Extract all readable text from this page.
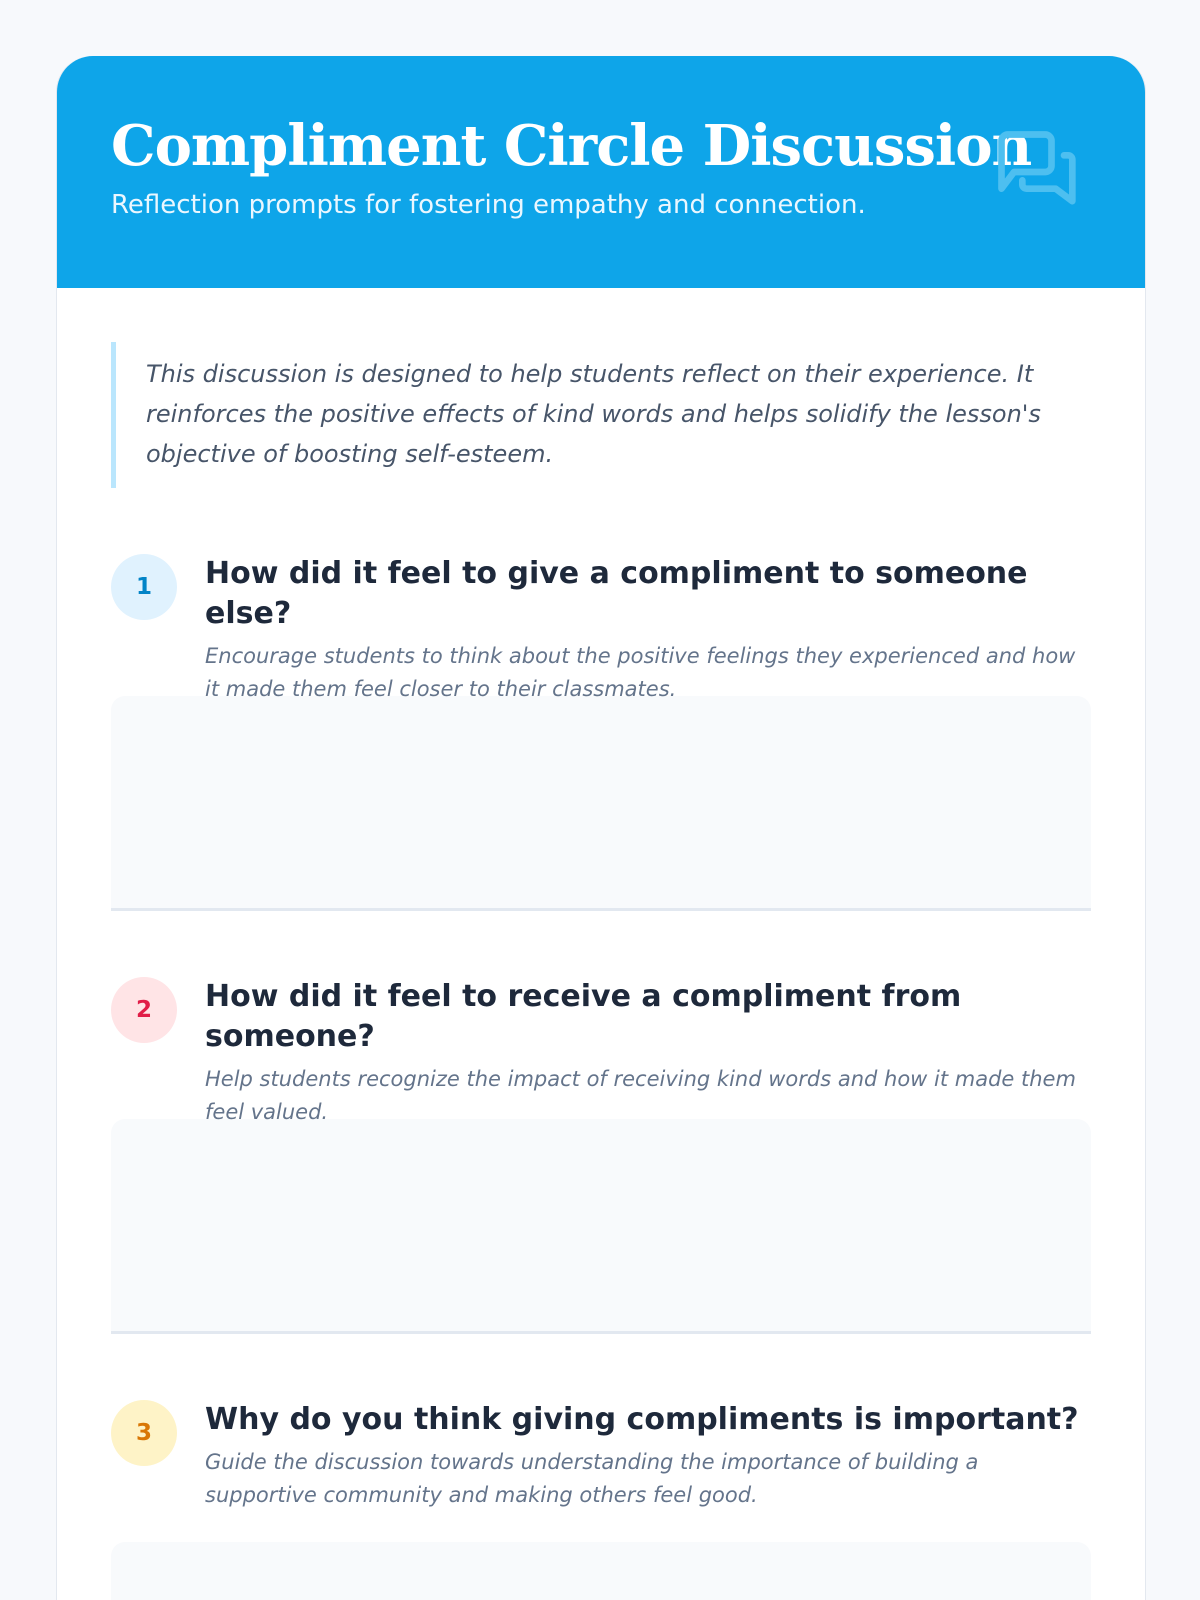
Compliment Circle Discussion

Reflection prompts for fostering empathy and connection.

This discussion is designed to help students reflect on their experience. It reinforces the positive effects of kind words and helps solidify the lesson's objective of boosting self-esteem.
1	How did it feel to give a compliment to someone else?
Encourage students to think about the positive feelings they experienced and how it made them feel closer to their classmates.
2	How did it feel to receive a compliment from someone?
Help students recognize the impact of receiving kind words and how it made them feel valued.
3	Why do you think giving compliments is important?
Guide the discussion towards understanding the importance of building a supportive community and making others feel good.
